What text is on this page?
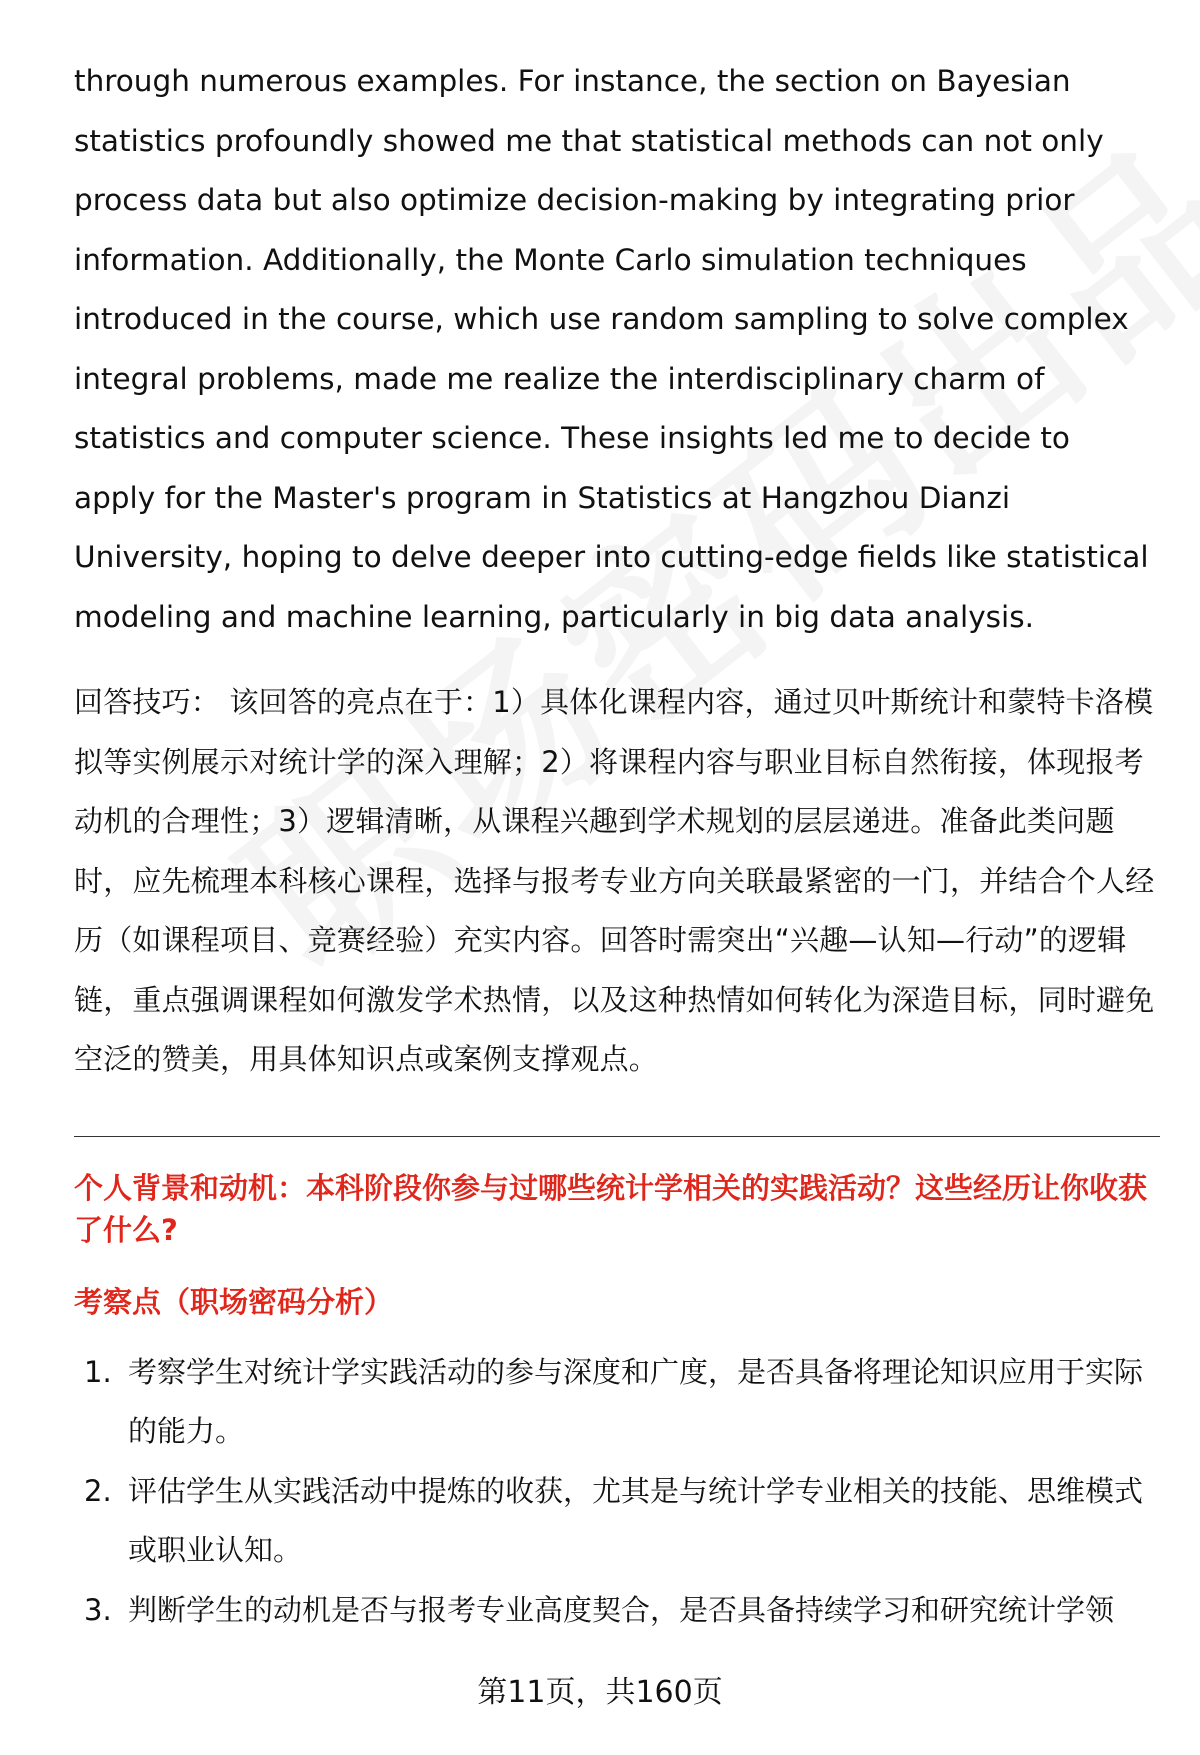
through numerous examples. For instance, the section on Bayesian statistics profoundly showed me that statistical methods can not only process data but also optimize decision-making by integrating prior information. Additionally, the Monte Carlo simulation techniques introduced in the course, which use random sampling to solve complex integral problems, made me realize the interdisciplinary charm of statistics and computer science. These insights led me to decide to apply for the Master's program in Statistics at Hangzhou Dianzi University, hoping to delve deeper into cutting-edge fields like statistical modeling and machine learning, particularly in big data analysis.

回答技巧： 该回答的亮点在于：1）具体化课程内容，通过贝叶斯统计和蒙特卡洛模拟等实例展示对统计学的深入理解；2）将课程内容与职业目标自然衔接，体现报考动机的合理性；3）逻辑清晰，从课程兴趣到学术规划的层层递进。准备此类问题时，应先梳理本科核心课程，选择与报考专业方向关联最紧密的一门，并结合个人经历（如课程项目、竞赛经验）充实内容。回答时需突出“兴趣—认知—行动”的逻辑链，重点强调课程如何激发学术热情，以及这种热情如何转化为深造目标，同时避免空泛的赞美，用具体知识点或案例支撑观点。

个人背景和动机：本科阶段你参与过哪些统计学相关的实践活动？这些经历让你收获了什么?
考察点（职场密码分析）
1. 考察学生对统计学实践活动的参与深度和广度，是否具备将理论知识应用于实际的能力。
2. 评估学生从实践活动中提炼的收获，尤其是与统计学专业相关的技能、思维模式或职业认知。
3. 判断学生的动机是否与报考专业高度契合，是否具备持续学习和研究统计学领
第11页，共160页
